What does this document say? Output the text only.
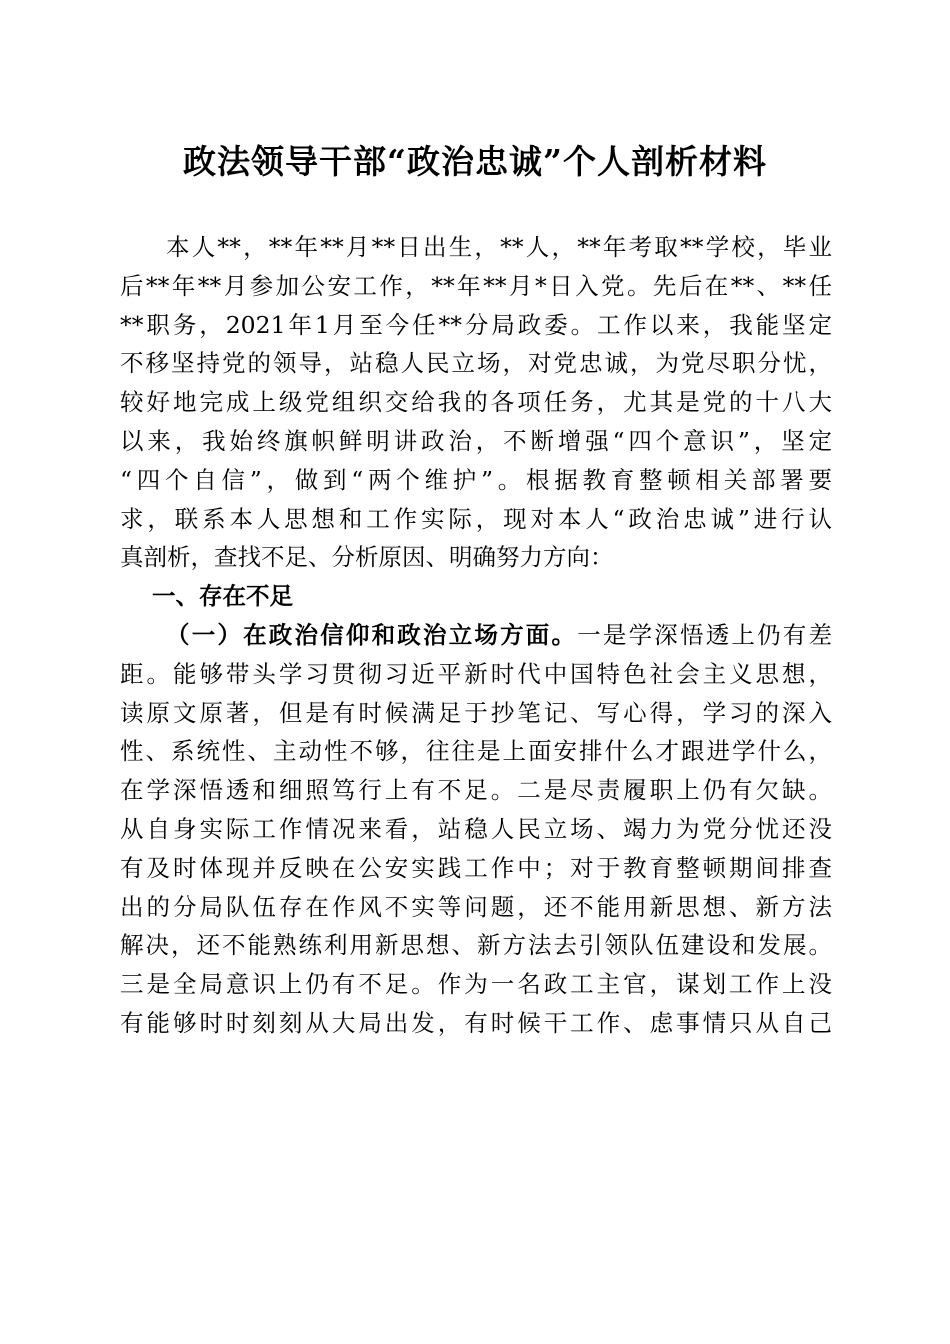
政法领导干部“政治忠诚”个人剖析材料
本人**，**年**月**日出生，**人，**年考取**学校，毕业
后**年**月参加公安工作，**年**月*日入党。先后在**、**任
**职务，2021年1月至今任**分局政委。工作以来，我能坚定
不移坚持党的领导，站稳人民立场，对党忠诚，为党尽职分忧，
较好地完成上级党组织交给我的各项任务，尤其是党的十八大
以来，我始终旗帜鲜明讲政治，不断增强“四个意识”，坚定
“四个自信”，做到“两个维护”。根据教育整顿相关部署要
求，联系本人思想和工作实际，现对本人“政治忠诚”进行认
真剖析，查找不足、分析原因、明确努力方向：
一、存在不足
（一）在政治信仰和政治立场方面。一是学深悟透上仍有差
距。能够带头学习贯彻习近平新时代中国特色社会主义思想，
读原文原著，但是有时候满足于抄笔记、写心得，学习的深入
性、系统性、主动性不够，往往是上面安排什么才跟进学什么，
在学深悟透和细照笃行上有不足。二是尽责履职上仍有欠缺。
从自身实际工作情况来看，站稳人民立场、竭力为党分忧还没
有及时体现并反映在公安实践工作中；对于教育整顿期间排查
出的分局队伍存在作风不实等问题，还不能用新思想、新方法
解决，还不能熟练利用新思想、新方法去引领队伍建设和发展。
三是全局意识上仍有不足。作为一名政工主官，谋划工作上没
有能够时时刻刻从大局出发，有时候干工作、虑事情只从自己
